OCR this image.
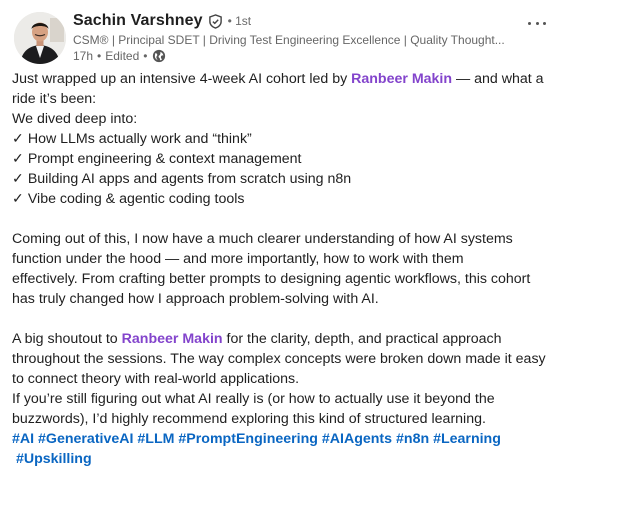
Sachin Varshney • 1st
CSM® | Principal SDET | Driving Test Engineering Excellence | Quality Thought...
17h • Edited •
Just wrapped up an intensive 4-week AI cohort led by Ranbeer Makin — and what a
ride it’s been:
We dived deep into:
✓ How LLMs actually work and “think”
✓ Prompt engineering & context management
✓ Building AI apps and agents from scratch using n8n
✓ Vibe coding & agentic coding tools
Coming out of this, I now have a much clearer understanding of how AI systems
function under the hood — and more importantly, how to work with them
effectively. From crafting better prompts to designing agentic workflows, this cohort
has truly changed how I approach problem-solving with AI.
A big shoutout to Ranbeer Makin for the clarity, depth, and practical approach
throughout the sessions. The way complex concepts were broken down made it easy
to connect theory with real-world applications.
If you’re still figuring out what AI really is (or how to actually use it beyond the
buzzwords), I’d highly recommend exploring this kind of structured learning.
#AI #GenerativeAI #LLM #PromptEngineering #AIAgents #n8n #Learning
#Upskilling
